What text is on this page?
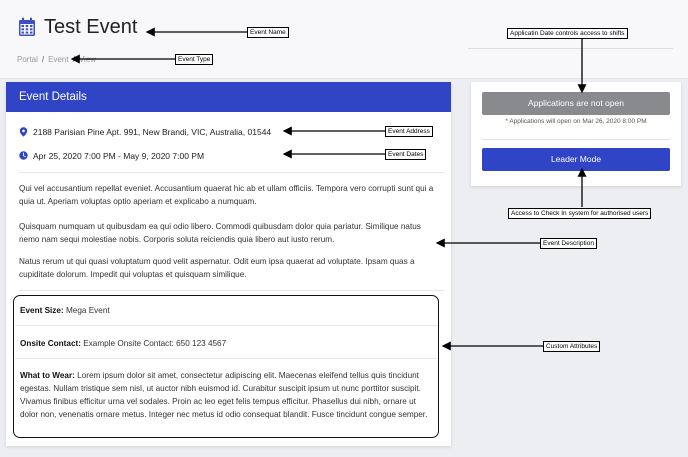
Test Event
Portal / Event / View
Event Details
2188 Parisian Pine Apt. 991, New Brandi, VIC, Australia, 01544
Apr 25, 2020 7:00 PM - May 9, 2020 7:00 PM
Qui vel accusantium repellat eveniet. Accusantium quaerat hic ab et ullam officiis. Tempora vero corrupti sunt qui a quia ut. Aperiam voluptas optio aperiam et explicabo a numquam.
Quisquam numquam ut quibusdam ea qui odio libero. Commodi quibusdam dolor quia pariatur. Similique natus nemo nam sequi molestiae nobis. Corporis soluta reiciendis quia libero aut iusto rerum.
Natus rerum ut qui quasi voluptatum quod velit aspernatur. Odit eum ipsa quaerat ad voluptate. Ipsam quas a cupiditate dolorum. Impedit qui voluptas et quisquam similique.
Event Size: Mega Event
Onsite Contact: Example Onsite Contact: 650 123 4567
What to Wear: Lorem ipsum dolor sit amet, consectetur adipiscing elit. Maecenas eleifend tellus quis tincidunt egestas. Nullam tristique sem nisl, ut auctor nibh euismod id. Curabitur suscipit ipsum ut nunc porttitor suscipit. Vivamus finibus efficitur urna vel sodales. Proin ac leo eget felis tempus efficitur. Phasellus dui nibh, ornare ut dolor non, venenatis ornare metus. Integer nec metus id odio consequat blandit. Fusce tincidunt congue semper.
Applications are not open
* Applications will open on Mar 26, 2020 8:00 PM
Leader Mode
Event Name
Event Type
Applicatin Date controls access to shifts
Event Address
Event Dates
Event Description
Custom Attributes
Access to Check In system for authorised users
